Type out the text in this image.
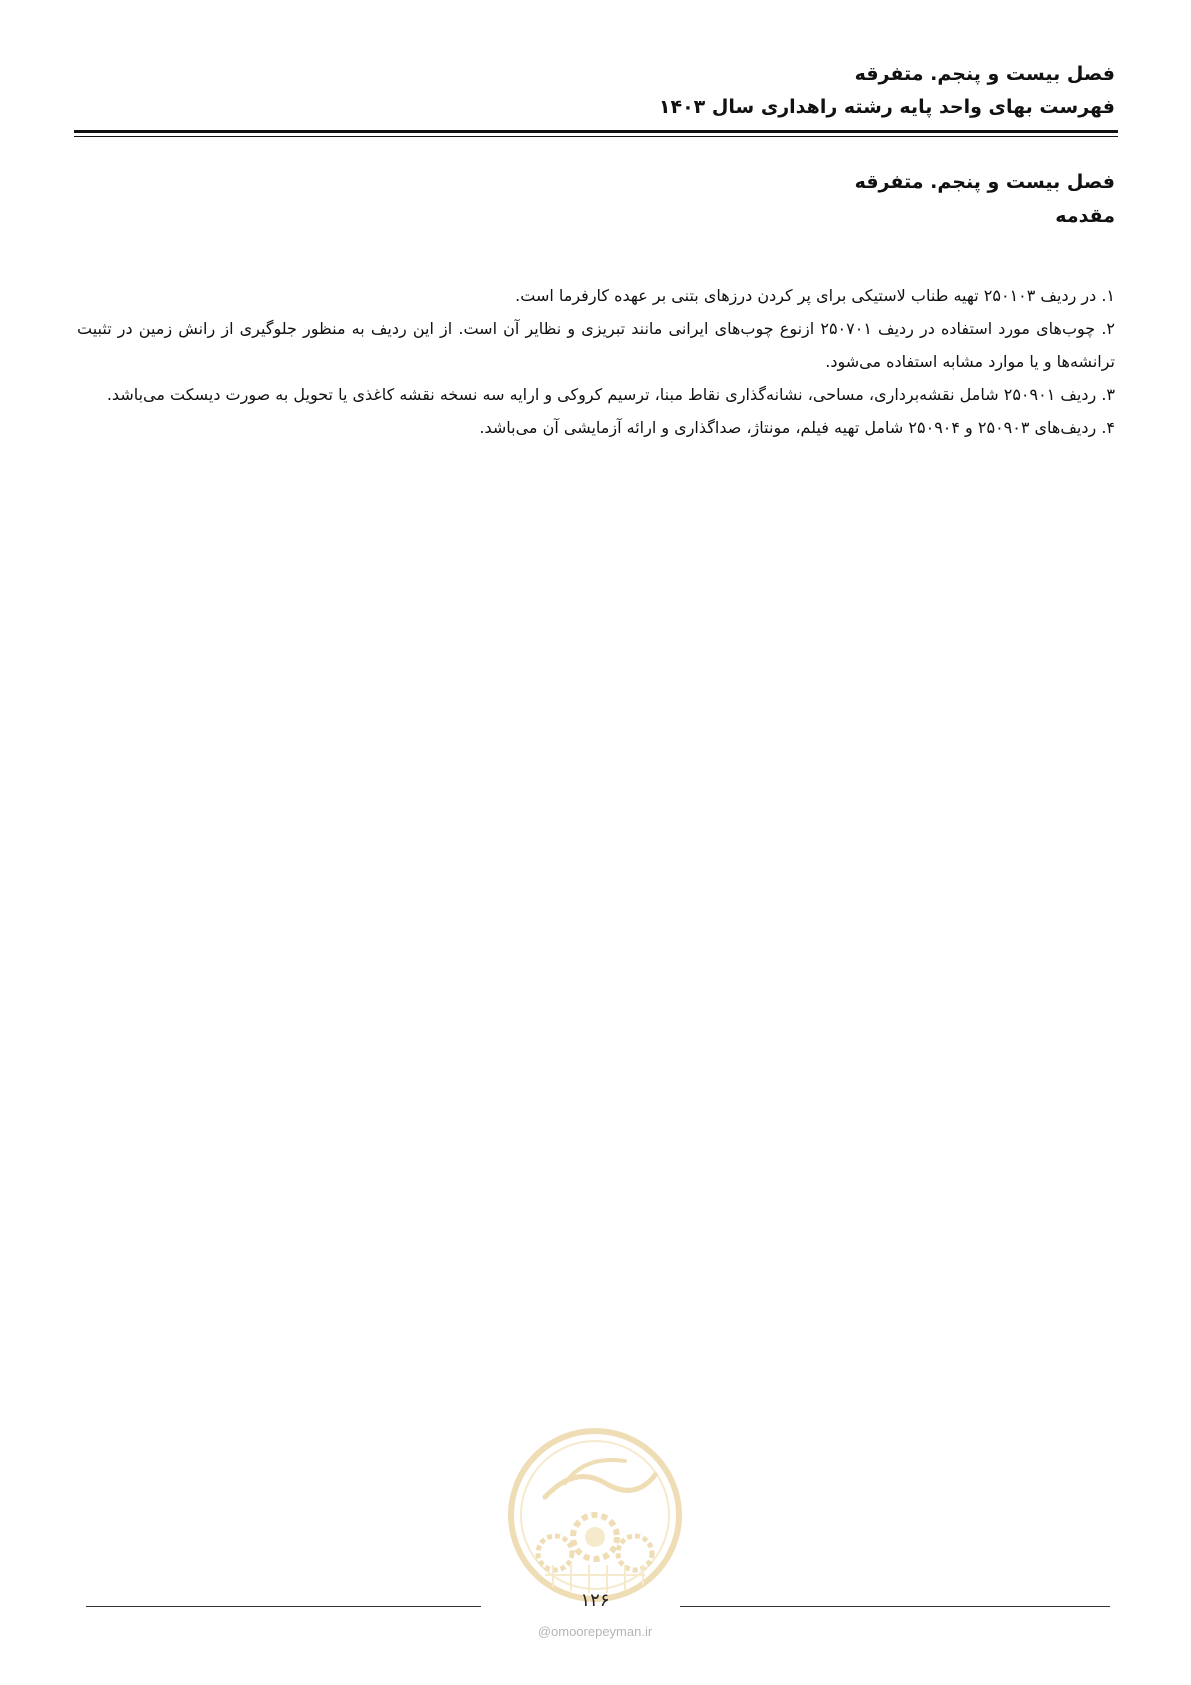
فصل بیست و پنجم. متفرقه
فهرست بهای واحد پایه رشته راهداری سال ۱۴۰۳
فصل بیست و پنجم. متفرقه
مقدمه

۱. در ردیف ۲۵۰۱۰۳ تهیه طناب لاستیکی برای پر کردن درزهای بتنی بر عهده کارفرما است.

۲. چوب‌های مورد استفاده در ردیف ۲۵۰۷۰۱ ازنوع چوب‌های ایرانی مانند تبریزی و نظایر آن است. از این ردیف به منظور جلوگیری از رانش زمین در تثبیت ترانشه‌ها و یا موارد مشابه استفاده می‌شود.

۳. ردیف ۲۵۰۹۰۱ شامل نقشه‌برداری، مساحی، نشانه‌گذاری نقاط مبنا، ترسیم کروکی و ارایه سه نسخه نقشه کاغذی یا تحویل به صورت دیسکت می‌باشد.

۴. ردیف‌های ۲۵۰۹۰۳ و ۲۵۰۹۰۴ شامل تهیه فیلم، مونتاژ، صداگذاری و ارائه آزمایشی آن می‌باشد.

۱۲۶
@omoorepeyman.ir
